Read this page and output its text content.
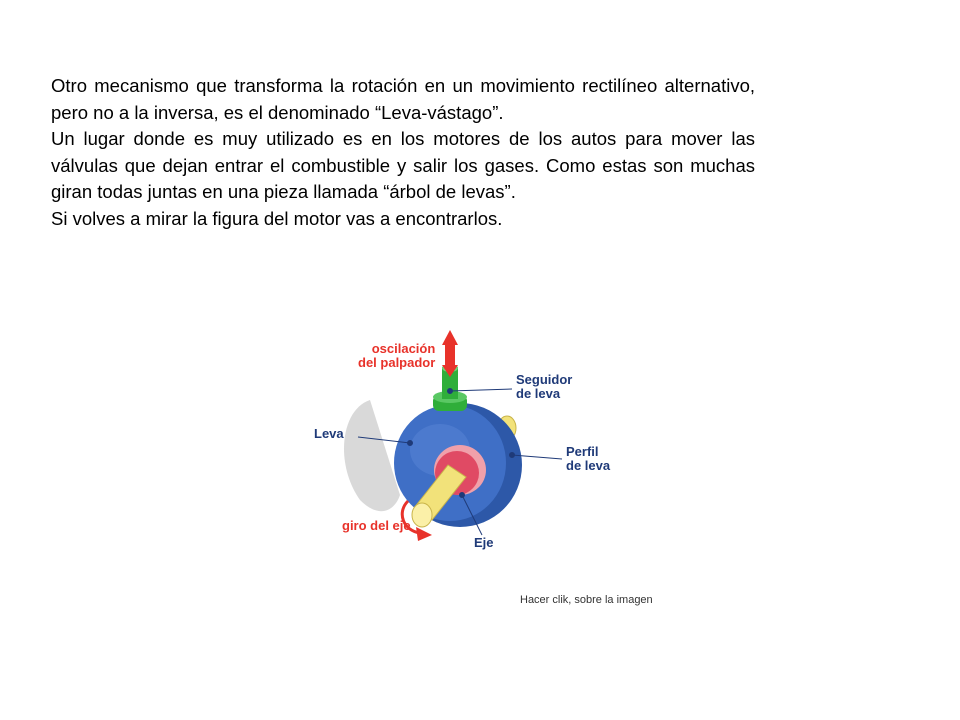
Otro mecanismo que transforma la rotación en un movimiento rectilíneo alternativo, pero no a la inversa, es el denominado “Leva-vástago”.

Un lugar donde es muy utilizado es en los motores de los autos para mover las válvulas que dejan entrar el combustible y salir los gases. Como estas son muchas giran todas juntas en una pieza llamada “árbol de levas”.

Si volves a mirar la figura del motor vas a encontrarlos.

oscilación
del palpador
Seguidor
de leva
Leva
Perfil
de leva
giro del eje
Eje
Hacer clik, sobre la imagen
